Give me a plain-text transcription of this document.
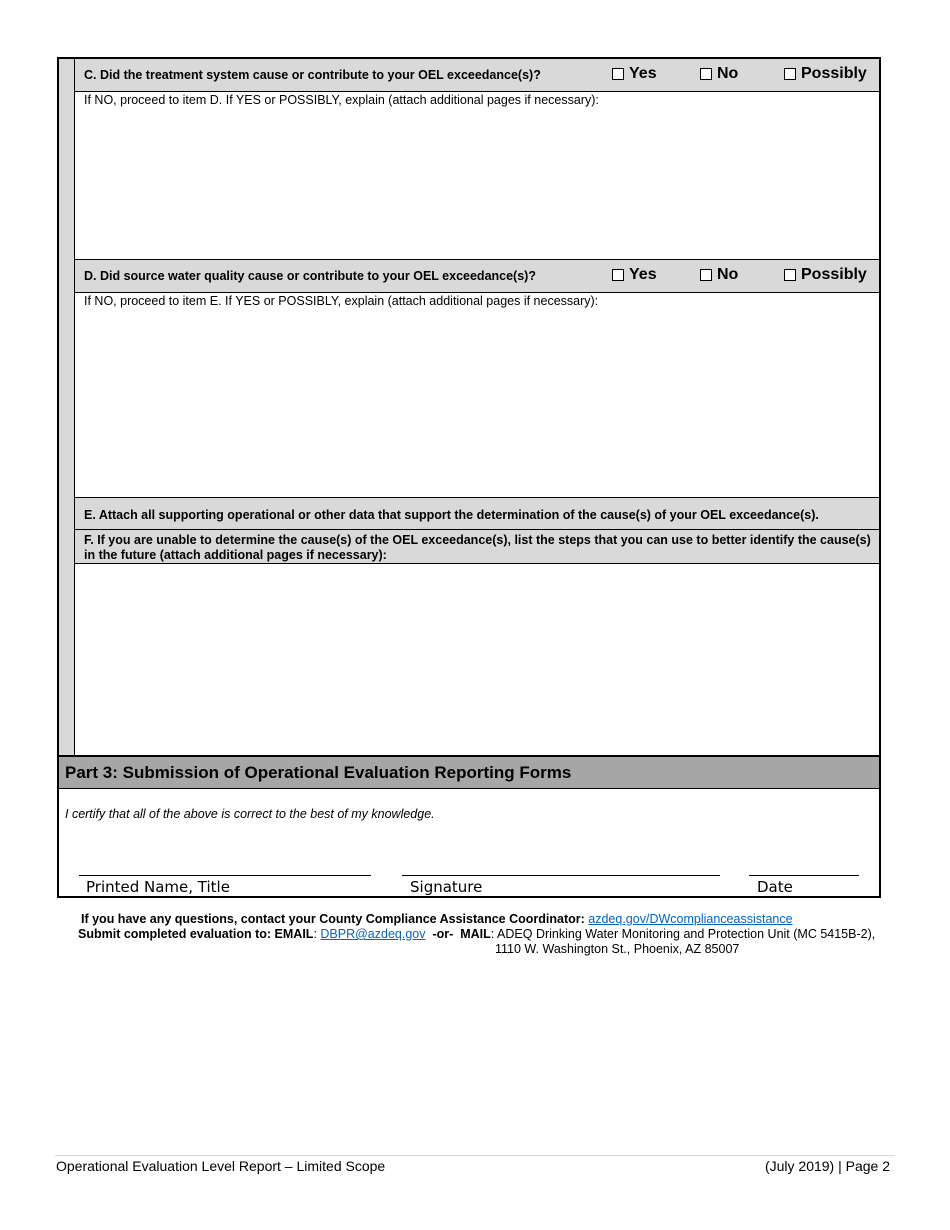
C. Did the treatment system cause or contribute to your OEL exceedance(s)?	Yes	No	Possibly
If NO, proceed to item D. If YES or POSSIBLY, explain (attach additional pages if necessary):
D. Did source water quality cause or contribute to your OEL exceedance(s)?	Yes	No	Possibly
If NO, proceed to item E. If YES or POSSIBLY, explain (attach additional pages if necessary):
E. Attach all supporting operational or other data that support the determination of the cause(s) of your OEL exceedance(s).
F. If you are unable to determine the cause(s) of the OEL exceedance(s), list the steps that you can use to better identify the cause(s)
in the future (attach additional pages if necessary):
Part 3: Submission of Operational Evaluation Reporting Forms
I certify that all of the above is correct to the best of my knowledge.
Printed Name, Title	Signature	Date
If you have any questions, contact your County Compliance Assistance Coordinator: azdeq.gov/DWcomplianceassistance
Submit completed evaluation to: EMAIL: DBPR@azdeq.gov -or- MAIL: ADEQ Drinking Water Monitoring and Protection Unit (MC 5415B-2),
1110 W. Washington St., Phoenix, AZ 85007
Operational Evaluation Level Report – Limited Scope	(July 2019) | Page 2
